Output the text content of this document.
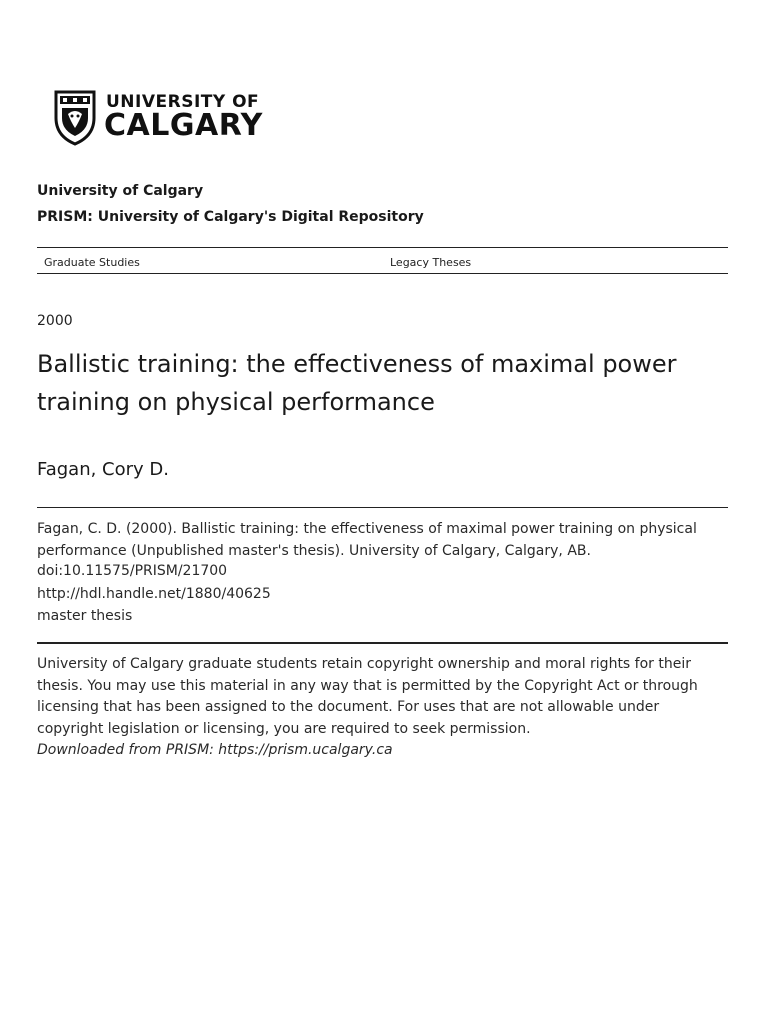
UNIVERSITY OF
CALGARY
University of Calgary
PRISM: University of Calgary's Digital Repository
Graduate Studies	Legacy Theses
2000
Ballistic training: the effectiveness of maximal power training on physical performance
Fagan, Cory D.
Fagan, C. D. (2000). Ballistic training: the effectiveness of maximal power training on physical performance (Unpublished master's thesis). University of Calgary, Calgary, AB.
doi:10.11575/PRISM/21700
http://hdl.handle.net/1880/40625
master thesis
University of Calgary graduate students retain copyright ownership and moral rights for their thesis. You may use this material in any way that is permitted by the Copyright Act or through licensing that has been assigned to the document. For uses that are not allowable under copyright legislation or licensing, you are required to seek permission.
Downloaded from PRISM: https://prism.ucalgary.ca
